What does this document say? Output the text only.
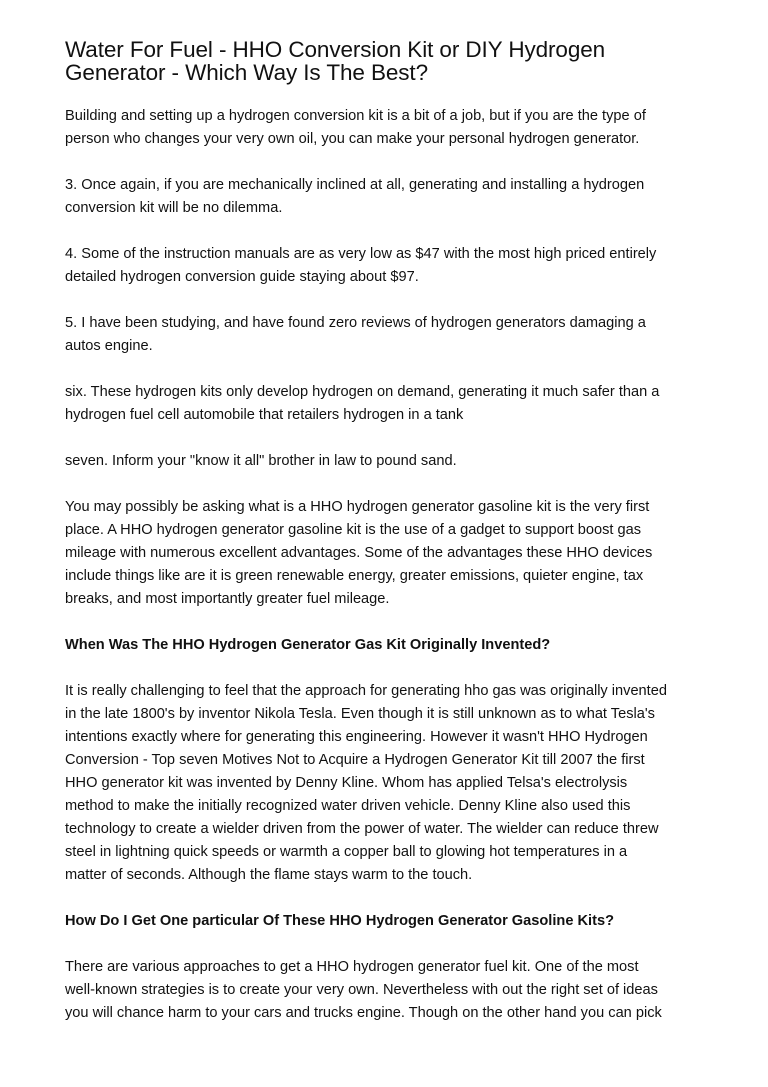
Water For Fuel - HHO Conversion Kit or DIY Hydrogen
Generator - Which Way Is The Best?
Building and setting up a hydrogen conversion kit is a bit of a job, but if you are the type of
person who changes your very own oil, you can make your personal hydrogen generator.
3. Once again, if you are mechanically inclined at all, generating and installing a hydrogen
conversion kit will be no dilemma.
4. Some of the instruction manuals are as very low as $47 with the most high priced entirely
detailed hydrogen conversion guide staying about $97.
5. I have been studying, and have found zero reviews of hydrogen generators damaging a
autos engine.
six. These hydrogen kits only develop hydrogen on demand, generating it much safer than a
hydrogen fuel cell automobile that retailers hydrogen in a tank
seven. Inform your "know it all" brother in law to pound sand.
You may possibly be asking what is a HHO hydrogen generator gasoline kit is the very first
place. A HHO hydrogen generator gasoline kit is the use of a gadget to support boost gas
mileage with numerous excellent advantages. Some of the advantages these HHO devices
include things like are it is green renewable energy, greater emissions, quieter engine, tax
breaks, and most importantly greater fuel mileage.
When Was The HHO Hydrogen Generator Gas Kit Originally Invented?
It is really challenging to feel that the approach for generating hho gas was originally invented
in the late 1800's by inventor Nikola Tesla. Even though it is still unknown as to what Tesla's
intentions exactly where for generating this engineering. However it wasn't HHO Hydrogen
Conversion - Top seven Motives Not to Acquire a Hydrogen Generator Kit till 2007 the first
HHO generator kit was invented by Denny Kline. Whom has applied Telsa's electrolysis
method to make the initially recognized water driven vehicle. Denny Kline also used this
technology to create a wielder driven from the power of water. The wielder can reduce threw
steel in lightning quick speeds or warmth a copper ball to glowing hot temperatures in a
matter of seconds. Although the flame stays warm to the touch.
How Do I Get One particular Of These HHO Hydrogen Generator Gasoline Kits?
There are various approaches to get a HHO hydrogen generator fuel kit. One of the most
well-known strategies is to create your very own. Nevertheless with out the right set of ideas
you will chance harm to your cars and trucks engine. Though on the other hand you can pick
